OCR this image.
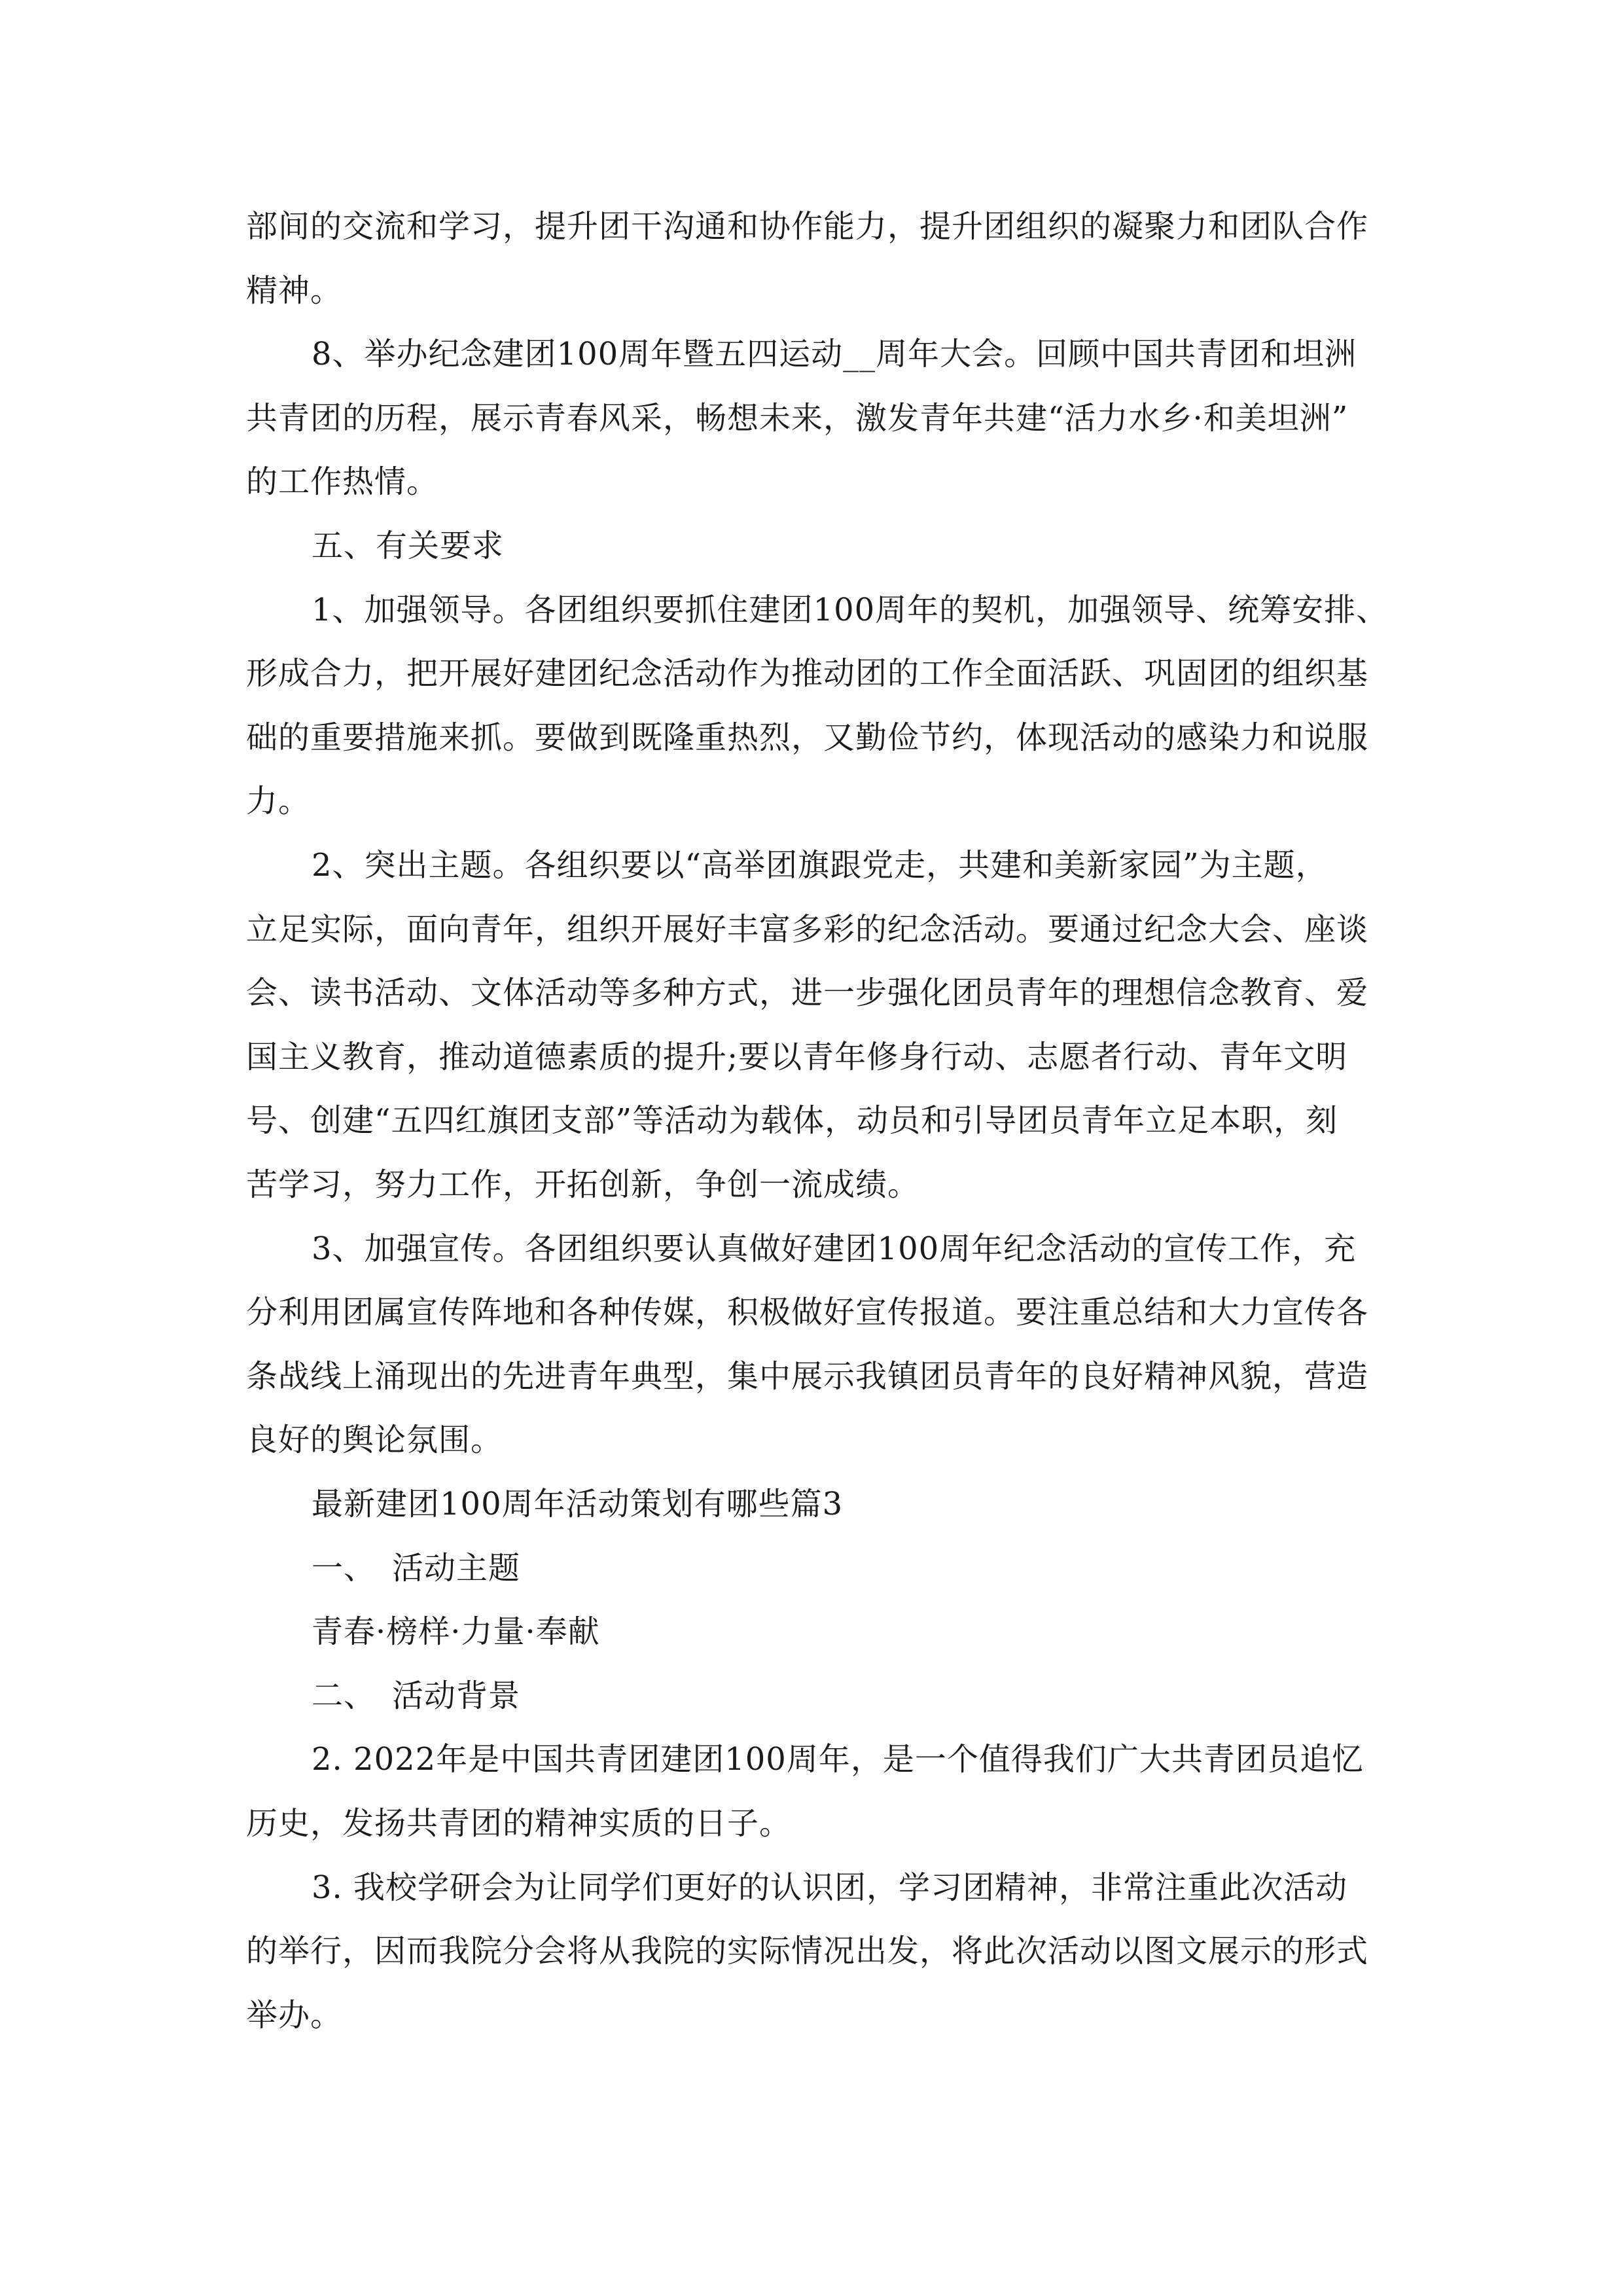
部间的交流和学习，提升团干沟通和协作能力，提升团组织的凝聚力和团队合作
精神。
8、举办纪念建团100周年暨五四运动__周年大会。回顾中国共青团和坦洲
共青团的历程，展示青春风采，畅想未来，激发青年共建“活力水乡·和美坦洲”
的工作热情。
五、有关要求
1、加强领导。各团组织要抓住建团100周年的契机，加强领导、统筹安排、
形成合力，把开展好建团纪念活动作为推动团的工作全面活跃、巩固团的组织基
础的重要措施来抓。要做到既隆重热烈，又勤俭节约，体现活动的感染力和说服
力。
2、突出主题。各组织要以“高举团旗跟党走，共建和美新家园”为主题，
立足实际，面向青年，组织开展好丰富多彩的纪念活动。要通过纪念大会、座谈
会、读书活动、文体活动等多种方式，进一步强化团员青年的理想信念教育、爱
国主义教育，推动道德素质的提升;要以青年修身行动、志愿者行动、青年文明
号、创建“五四红旗团支部”等活动为载体，动员和引导团员青年立足本职，刻
苦学习，努力工作，开拓创新，争创一流成绩。
3、加强宣传。各团组织要认真做好建团100周年纪念活动的宣传工作，充
分利用团属宣传阵地和各种传媒，积极做好宣传报道。要注重总结和大力宣传各
条战线上涌现出的先进青年典型，集中展示我镇团员青年的良好精神风貌，营造
良好的舆论氛围。
最新建团100周年活动策划有哪些篇3
一、　活动主题
青春·榜样·力量·奉献
二、　活动背景
2. 2022年是中国共青团建团100周年，是一个值得我们广大共青团员追忆
历史，发扬共青团的精神实质的日子。
3. 我校学研会为让同学们更好的认识团，学习团精神，非常注重此次活动
的举行，因而我院分会将从我院的实际情况出发，将此次活动以图文展示的形式
举办。
